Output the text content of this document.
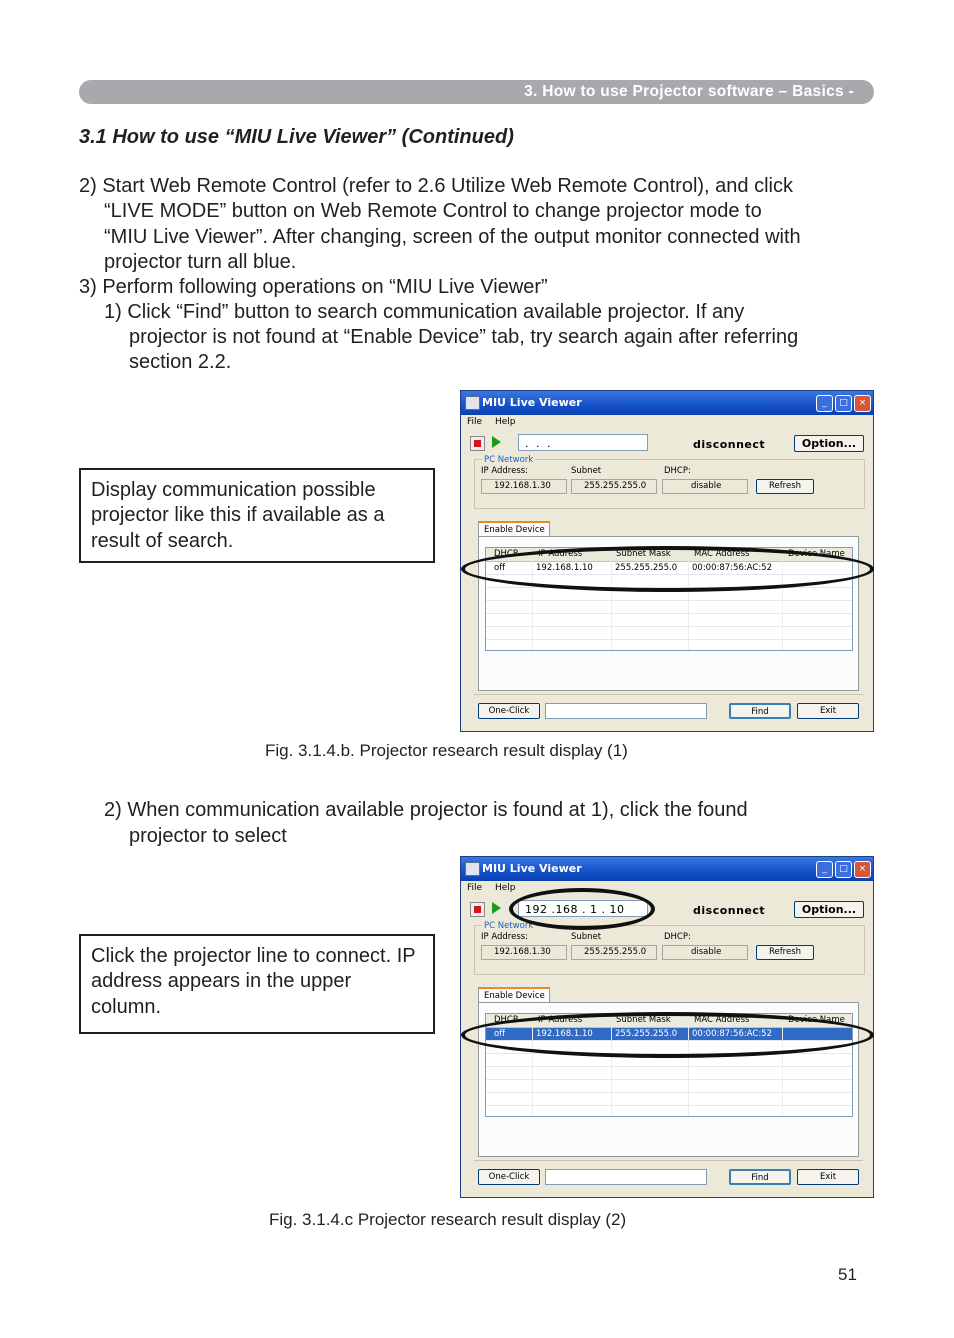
3. How to use Projector software – Basics -
3.1 How to use “MIU Live Viewer” (Continued)
2) Start Web Remote Control (refer to 2.6 Utilize Web Remote Control), and click
“LIVE MODE” button on Web Remote Control to change projector mode to
“MIU Live Viewer”. After changing, screen of the output monitor connected with
projector turn all blue.
3) Perform following operations on “MIU Live Viewer”
1) Click “Find” button to search communication available projector. If any
projector is not found at “Enable Device” tab, try search again after referring
section 2.2.
Display communication possible projector like this if available as a result of search.
MIU Live Viewer	_	□	×
File Help
. . .	disconnect	Option...
PC Network
IP Address:	Subnet	DHCP:
192.168.1.30	255.255.255.0	disable	Refresh
Enable Device
DHCP IP Address	Subnet Mask	MAC Address	Device Name
off	192.168.1.10	255.255.255.0 00:00:87:56:AC:52
One-Click	Find	Exit
Fig. 3.1.4.b. Projector research result display (1)
2) When communication available projector is found at 1), click the found
projector to select
Click the projector line to connect. IP address appears in the upper column.
MIU Live Viewer	_	□	×
File Help
192 .168 . 1 . 10	disconnect	Option...
PC Network
IP Address:	Subnet	DHCP:
192.168.1.30	255.255.255.0	disable	Refresh
Enable Device
DHCP IP Address	Subnet Mask	MAC Address	Device Name
off	192.168.1.10	255.255.255.0 00:00:87:56:AC:52
One-Click	Find	Exit
Fig. 3.1.4.c Projector research result display (2)
51
